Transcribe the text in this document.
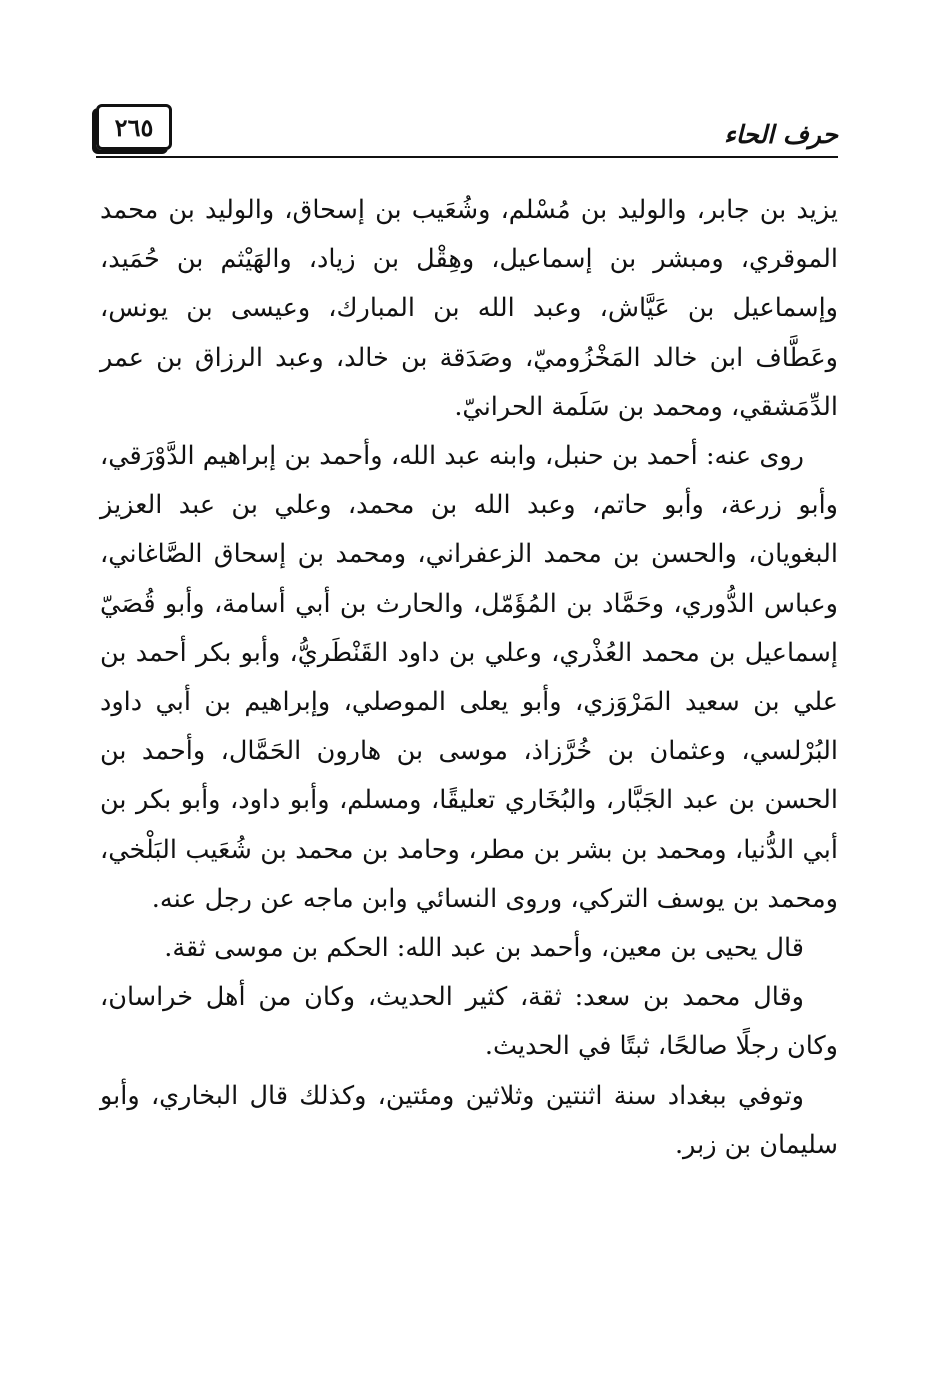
حرف الحاء
٢٦٥

يزيد بن جابر، والوليد بن مُسْلم، وشُعَيب بن إسحاق، والوليد بن محمد الموقري، ومبشر بن إسماعيل، وهِقْل بن زياد، والهَيْثم بن حُمَيد، وإسماعيل بن عَيَّاش، وعبد الله بن المبارك، وعيسى بن يونس، وعَطَّاف ابن خالد المَخْزُوميّ، وصَدَقة بن خالد، وعبد الرزاق بن عمر الدِّمَشقي، ومحمد بن سَلَمة الحرانيّ.

روى عنه: أحمد بن حنبل، وابنه عبد الله، وأحمد بن إبراهيم الدَّوْرَقي، وأبو زرعة، وأبو حاتم، وعبد الله بن محمد، وعلي بن عبد العزيز البغويان، والحسن بن محمد الزعفراني، ومحمد بن إسحاق الصَّاغاني، وعباس الدُّوري، وحَمَّاد بن المُؤَمّل، والحارث بن أبي أسامة، وأبو قُصَيّ إسماعيل بن محمد العُذْري، وعلي بن داود القَنْطَريُّ، وأبو بكر أحمد بن علي بن سعيد المَرْوَزي، وأبو يعلى الموصلي، وإبراهيم بن أبي داود البُرْلسي، وعثمان بن خُرَّزاذ، موسى بن هارون الحَمَّال، وأحمد بن الحسن بن عبد الجَبَّار، والبُخَاري تعليقًا، ومسلم، وأبو داود، وأبو بكر بن أبي الدُّنيا، ومحمد بن بشر بن مطر، وحامد بن محمد بن شُعَيب البَلْخي، ومحمد بن يوسف التركي، وروى النسائي وابن ماجه عن رجل عنه.

قال يحيى بن معين، وأحمد بن عبد الله: الحكم بن موسى ثقة.

وقال محمد بن سعد: ثقة، كثير الحديث، وكان من أهل خراسان، وكان رجلًا صالحًا، ثبتًا في الحديث.

وتوفي ببغداد سنة اثنتين وثلاثين ومئتين، وكذلك قال البخاري، وأبو سليمان بن زبر.
